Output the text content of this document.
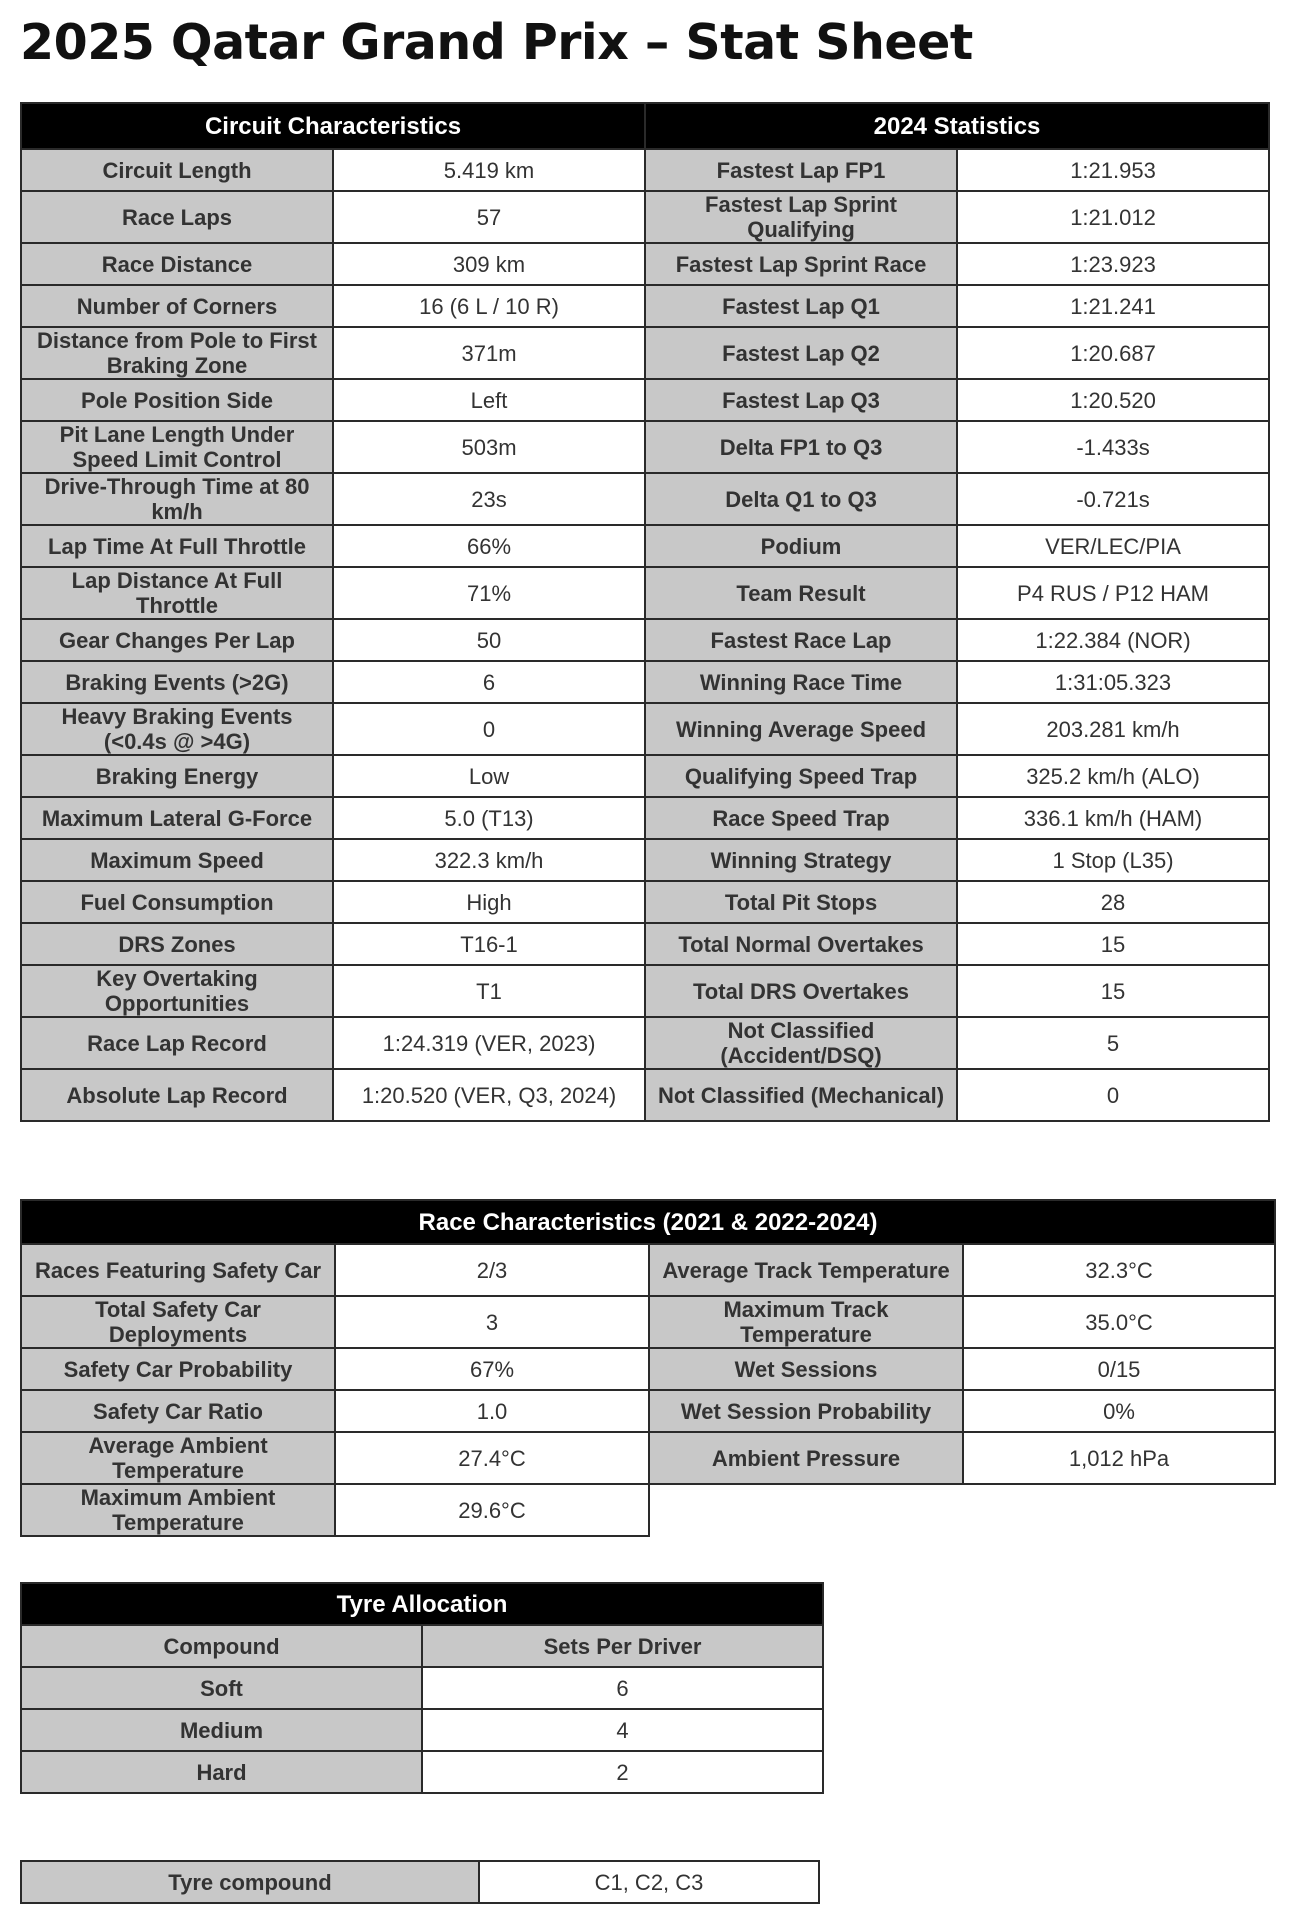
2025 Qatar Grand Prix – Stat Sheet
Circuit Characteristics		2024 Statistics	
Circuit Length	5.419 km	Fastest Lap FP1	1:21.953
Race Laps	57	Fastest Lap Sprint Qualifying	1:21.012
Race Distance	309 km	Fastest Lap Sprint Race	1:23.923
Number of Corners	16 (6 L / 10 R)	Fastest Lap Q1	1:21.241
Distance from Pole to First Braking Zone	371m	Fastest Lap Q2	1:20.687
Pole Position Side	Left	Fastest Lap Q3	1:20.520
Pit Lane Length Under Speed Limit Control	503m	Delta FP1 to Q3	-1.433s
Drive-Through Time at 80 km/h	23s	Delta Q1 to Q3	-0.721s
Lap Time At Full Throttle	66%	Podium	VER/LEC/PIA
Lap Distance At Full Throttle	71%	Team Result	P4 RUS / P12 HAM
Gear Changes Per Lap	50	Fastest Race Lap	1:22.384 (NOR)
Braking Events (>2G)	6	Winning Race Time	1:31:05.323
Heavy Braking Events (<0.4s @ >4G)	0	Winning Average Speed	203.281 km/h
Braking Energy	Low	Qualifying Speed Trap	325.2 km/h (ALO)
Maximum Lateral G-Force	5.0 (T13)	Race Speed Trap	336.1 km/h (HAM)
Maximum Speed	322.3 km/h	Winning Strategy	1 Stop (L35)
Fuel Consumption	High	Total Pit Stops	28
DRS Zones	T16-1	Total Normal Overtakes	15
Key Overtaking Opportunities	T1	Total DRS Overtakes	15
Race Lap Record	1:24.319 (VER, 2023)	Not Classified (Accident/DSQ)	5
Absolute Lap Record	1:20.520 (VER, Q3, 2024)	Not Classified (Mechanical)	0
Race Characteristics (2021 & 2022-2024)			
Races Featuring Safety Car	2/3	Average Track Temperature	32.3°C
Total Safety Car Deployments	3	Maximum Track Temperature	35.0°C
Safety Car Probability	67%	Wet Sessions	0/15
Safety Car Ratio	1.0	Wet Session Probability	0%
Average Ambient Temperature	27.4°C	Ambient Pressure	1,012 hPa
Maximum Ambient Temperature	29.6°C		
Tyre Allocation	
Compound	Sets Per Driver
Soft	6
Medium	4
Hard	2
Tyre compound	C1, C2, C3
